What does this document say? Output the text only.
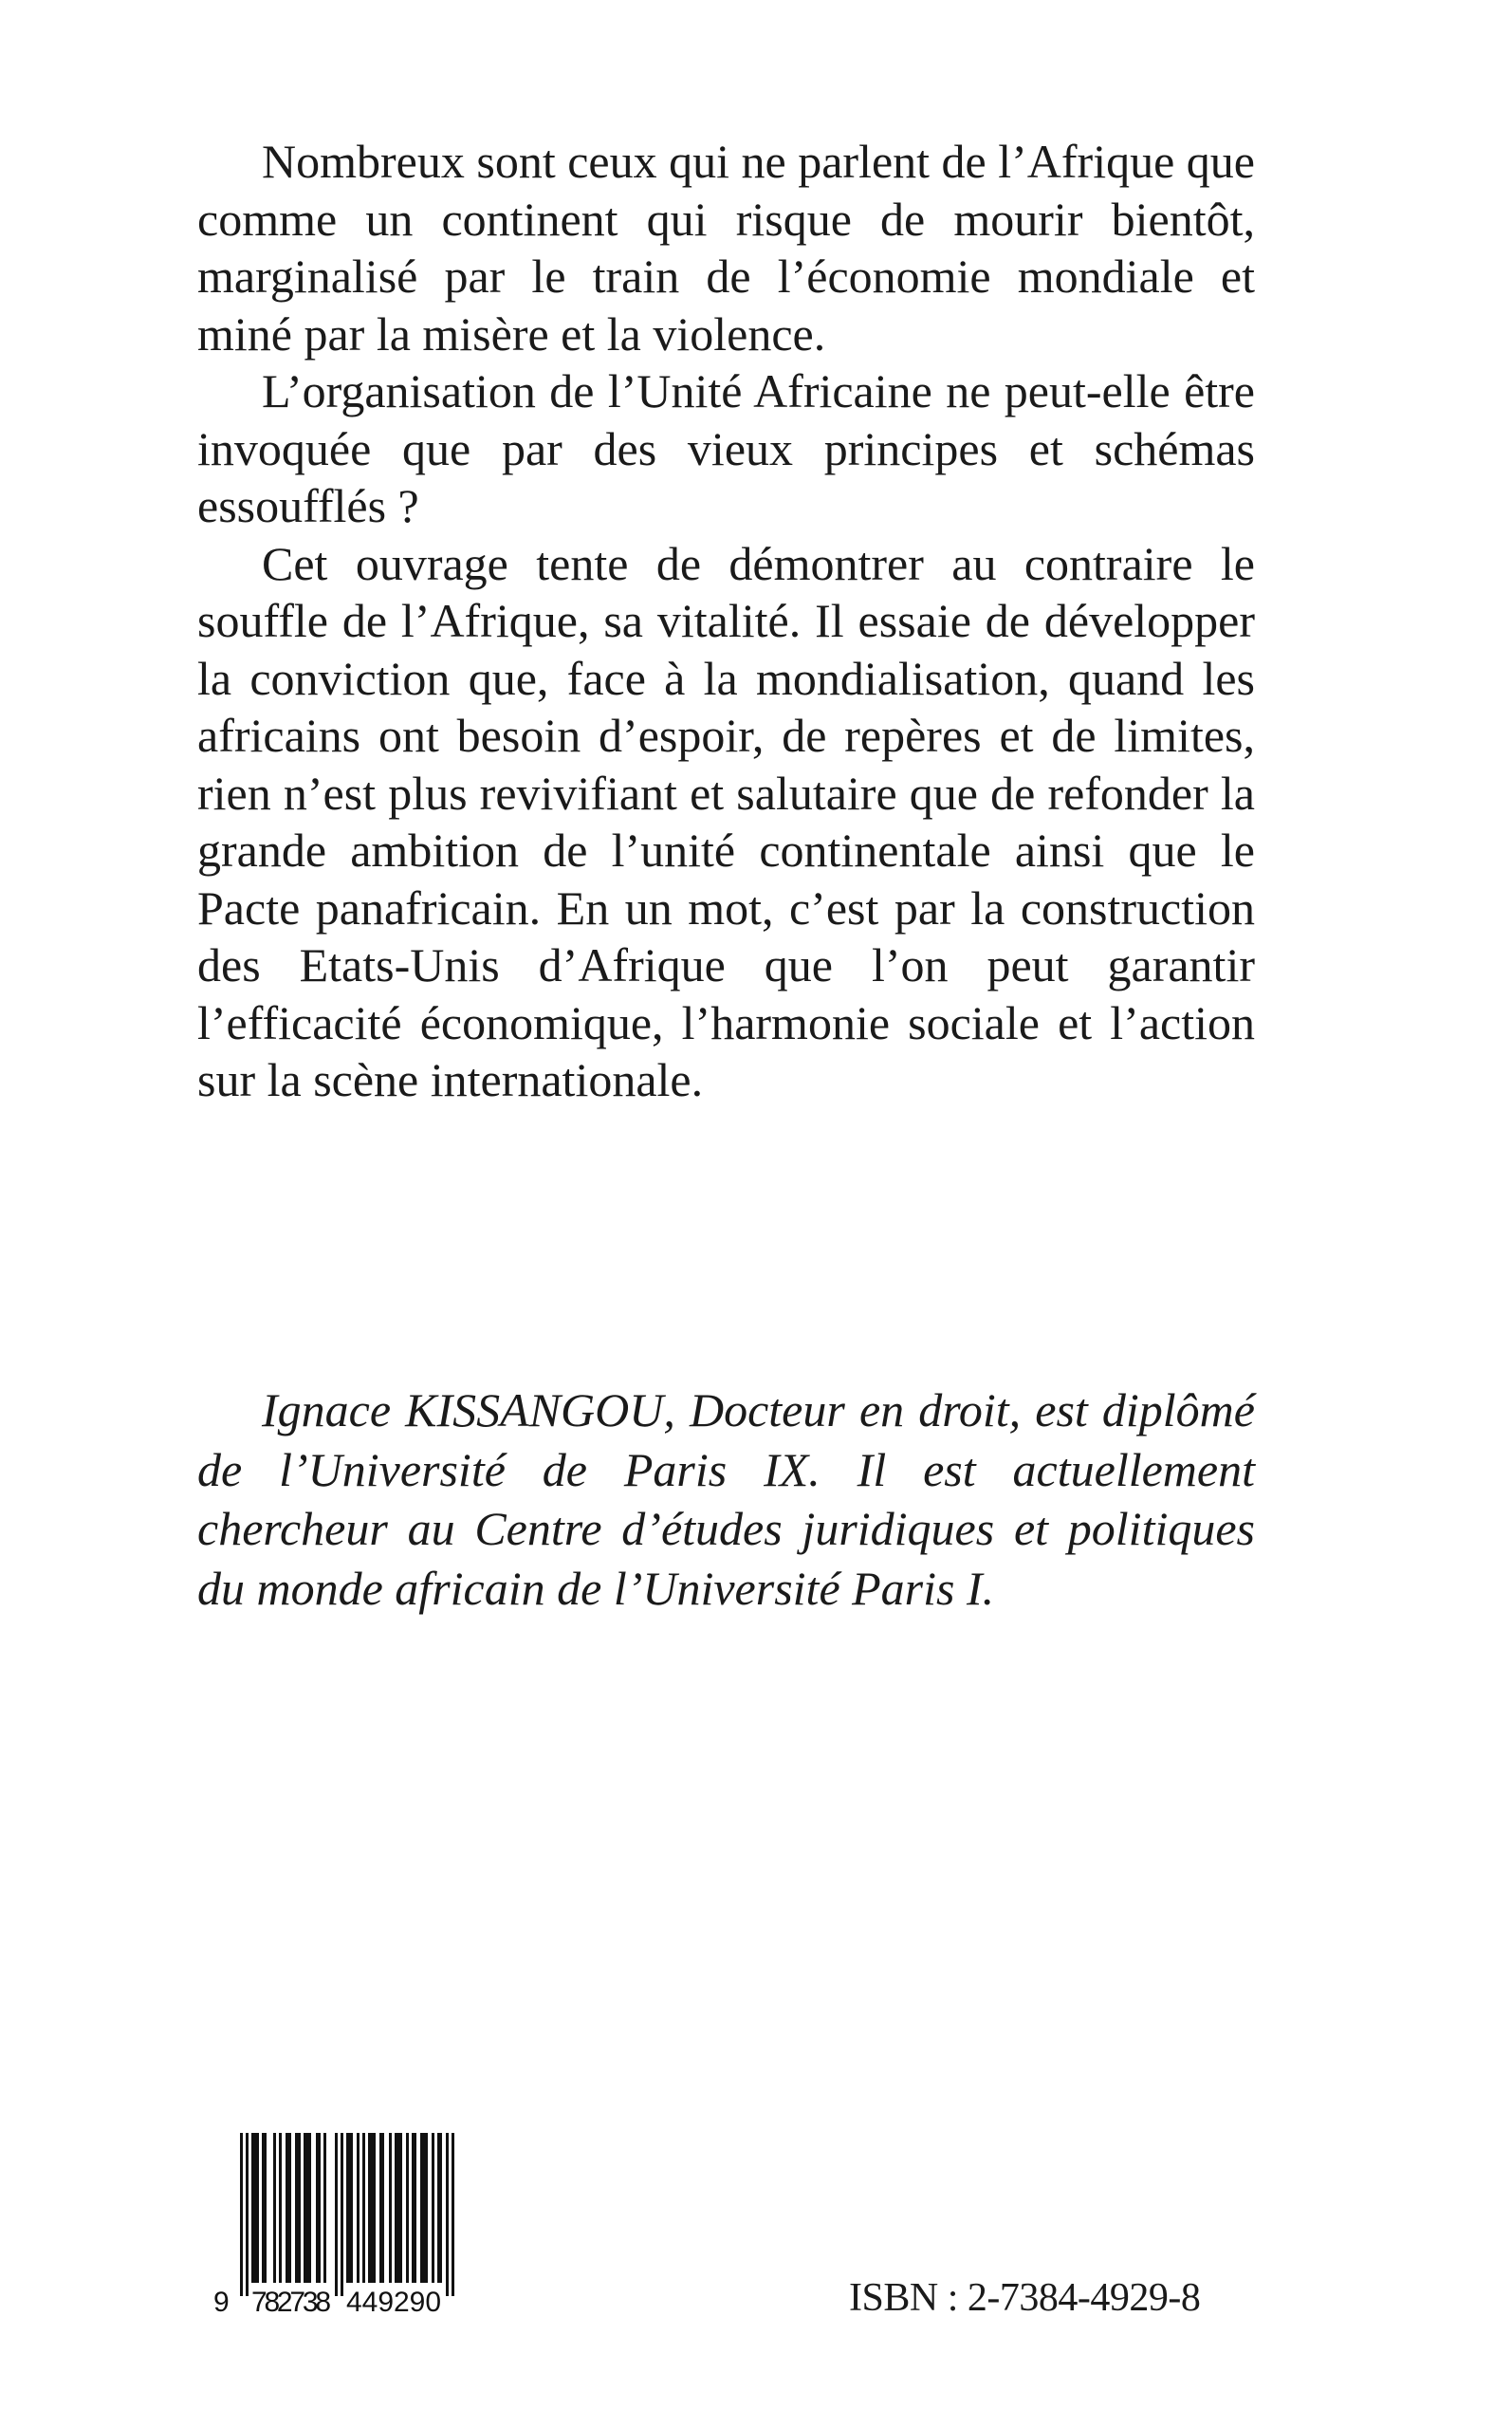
Nombreux sont ceux qui ne parlent de l’Afrique que comme un continent qui risque de mourir bientôt, marginalisé par le train de l’économie mondiale et miné par la misère et la violence.

L’organisation de l’Unité Africaine ne peut-elle être invoquée que par des vieux principes et schémas essoufflés ?

Cet ouvrage tente de démontrer au contraire le souffle de l’Afrique, sa vitalité. Il essaie de développer la conviction que, face à la mondialisation, quand les africains ont besoin d’espoir, de repères et de limites, rien n’est plus revivifiant et salutaire que de refonder la grande ambition de l’unité continentale ainsi que le Pacte panafricain. En un mot, c’est par la construction des Etats-Unis d’Afrique que l’on peut garantir l’efficacité économique, l’harmonie sociale et l’action sur la scène internationale.

Ignace KISSANGOU, Docteur en droit, est diplômé de l’Université de Paris IX. Il est actuellement chercheur au Centre d’études juridiques et politiques du monde africain de l’Université Paris I.

9 782738 449290	ISBN : 2-7384-4929-8
